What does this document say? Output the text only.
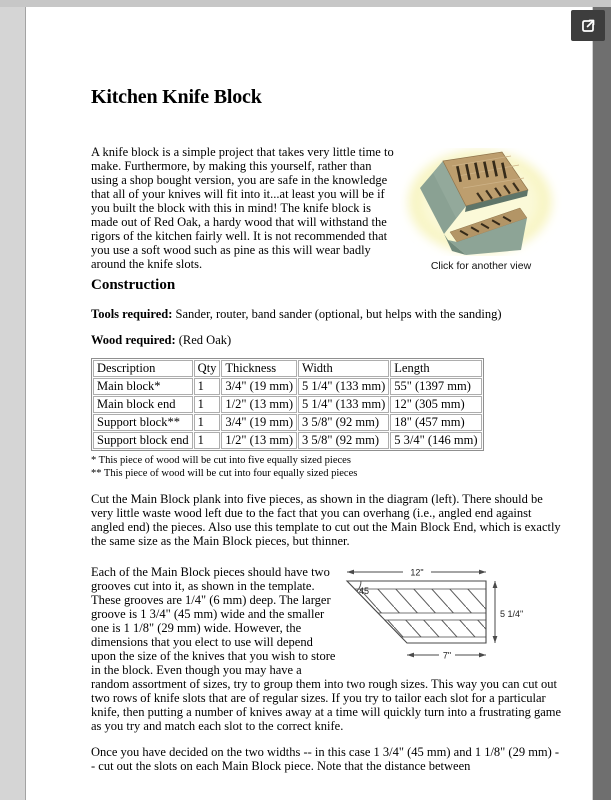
Kitchen Knife Block

Click for another view
A knife block is a simple project that takes very little time to make. Furthermore, by making this yourself, rather than using a shop bought version, you are safe in the knowledge that all of your knives will fit into it...at least you will be if you built the block with this in mind! The knife block is made out of Red Oak, a hardy wood that will withstand the rigors of the kitchen fairly well. It is not recommended that you use a soft wood such as pine as this will wear badly around the knife slots.

Construction

Tools required: Sander, router, band sander (optional, but helps with the sanding)

Wood required: (Red Oak)

Description	Qty	Thickness	Width	Length
Main block*	1	3/4" (19 mm)	5 1/4" (133 mm)	55" (1397 mm)
Main block end	1	1/2" (13 mm)	5 1/4" (133 mm)	12" (305 mm)
Support block**	1	3/4" (19 mm)	3 5/8" (92 mm)	18" (457 mm)
Support block end	1	1/2" (13 mm)	3 5/8" (92 mm)	5 3/4" (146 mm)
* This piece of wood will be cut into five equally sized pieces
** This piece of wood will be cut into four equally sized pieces

Cut the Main Block plank into five pieces, as shown in the diagram (left). There should be very little waste wood left due to the fact that you can overhang (i.e., angled end against angled end) the pieces. Also use this template to cut out the Main Block End, which is exactly the same size as the Main Block pieces, but thinner.

12"
45
5 1/4"
7"
Each of the Main Block pieces should have two grooves cut into it, as shown in the template. These grooves are 1/4" (6 mm) deep. The larger groove is 1 3/4" (45 mm) wide and the smaller one is 1 1/8" (29 mm) wide. However, the dimensions that you elect to use will depend upon the size of the knives that you wish to store in the block. Even though you may have a random assortment of sizes, try to group them into two rough sizes. This way you can cut out two rows of knife slots that are of regular sizes. If you try to tailor each slot for a particular knife, then putting a number of knives away at a time will quickly turn into a frustrating game as you try and match each slot to the correct knife.

Once you have decided on the two widths -- in this case 1 3/4" (45 mm) and 1 1/8" (29 mm) -- cut out the slots on each Main Block piece. Note that the distance between
